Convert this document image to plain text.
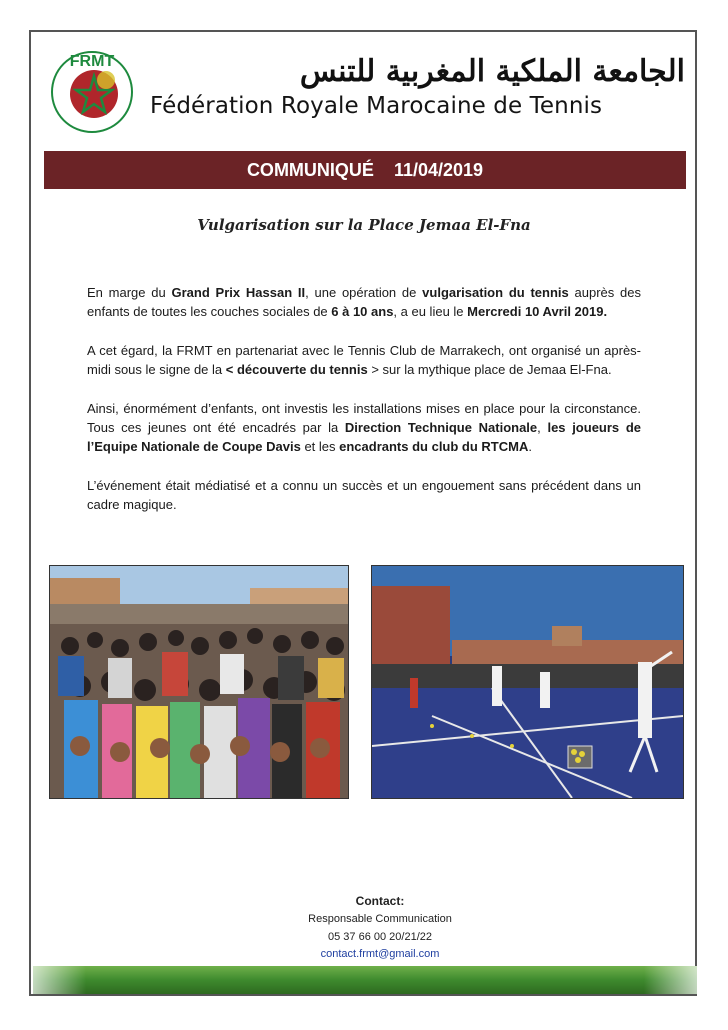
FRMT	الجامعة الملكية المغربية للتنس
Fédération Royale Marocaine de Tennis
COMMUNIQUÉ 11/04/2019
Vulgarisation sur la Place Jemaa El-Fna

En marge du Grand Prix Hassan II, une opération de vulgarisation du tennis auprès des enfants de toutes les couches sociales de 6 à 10 ans, a eu lieu le Mercredi 10 Avril 2019.

A cet égard, la FRMT en partenariat avec le Tennis Club de Marrakech, ont organisé un après-midi sous le signe de la < découverte du tennis > sur la mythique place de Jemaa El-Fna.

Ainsi, énormément d’enfants, ont investis les installations mises en place pour la circonstance. Tous ces jeunes ont été encadrés par la Direction Technique Nationale, les joueurs de l’Equipe Nationale de Coupe Davis et les encadrants du club du RTCMA.

L’événement était médiatisé et a connu un succès et un engouement sans précédent dans un cadre magique.

Contact:
Responsable Communication
05 37 66 00 20/21/22
contact.frmt@gmail.com
